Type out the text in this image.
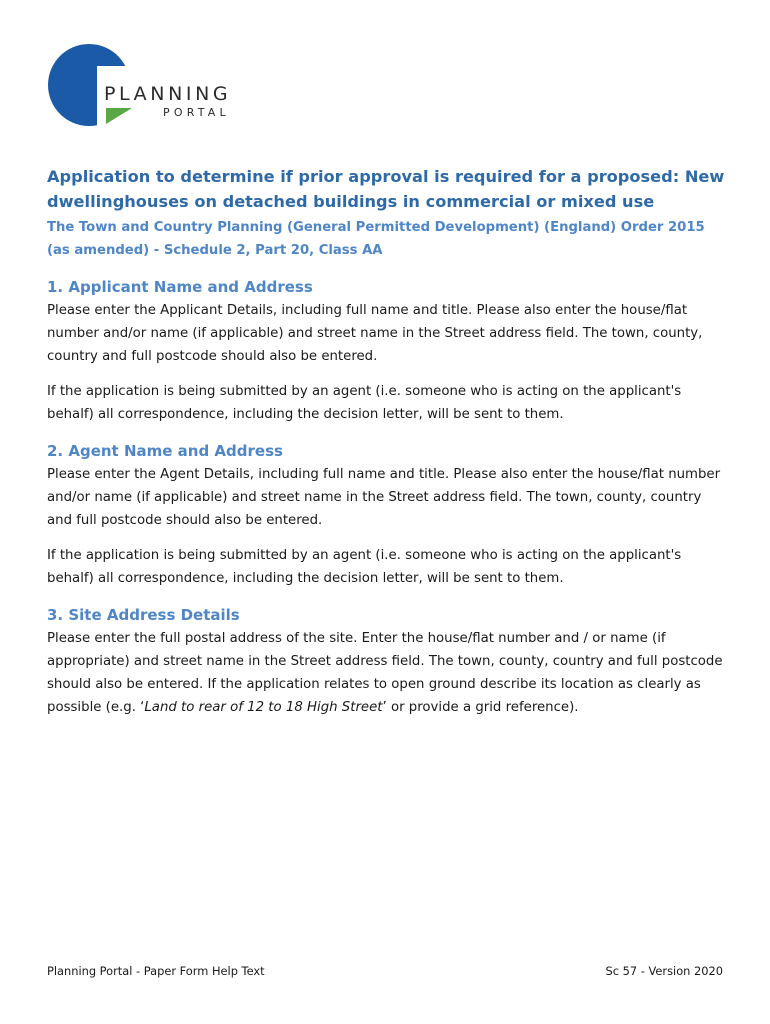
PLANNING
PORTAL
Application to determine if prior approval is required for a proposed: New dwellinghouses on detached buildings in commercial or mixed use

The Town and Country Planning (General Permitted Development) (England) Order 2015 (as amended) - Schedule 2, Part 20, Class AA

1. Applicant Name and Address

Please enter the Applicant Details, including full name and title. Please also enter the house/flat number and/or name (if applicable) and street name in the Street address field. The town, county, country and full postcode should also be entered.

If the application is being submitted by an agent (i.e. someone who is acting on the applicant's behalf) all correspondence, including the decision letter, will be sent to them.

2. Agent Name and Address

Please enter the Agent Details, including full name and title. Please also enter the house/flat number and/or name (if applicable) and street name in the Street address field. The town, county, country and full postcode should also be entered.

If the application is being submitted by an agent (i.e. someone who is acting on the applicant's behalf) all correspondence, including the decision letter, will be sent to them.

3. Site Address Details

Please enter the full postal address of the site. Enter the house/flat number and / or name (if appropriate) and street name in the Street address field. The town, county, country and full postcode should also be entered. If the application relates to open ground describe its location as clearly as possible (e.g. ‘Land to rear of 12 to 18 High Street’ or provide a grid reference).

Planning Portal - Paper Form Help Text	Sc 57 - Version 2020
